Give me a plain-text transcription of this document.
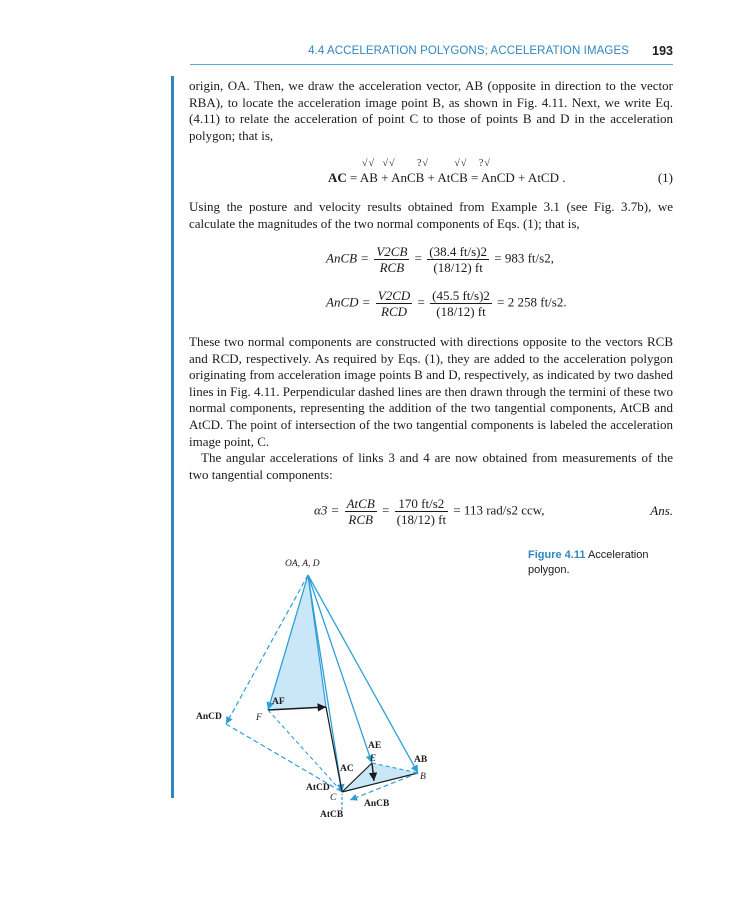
4.4 ACCELERATION POLYGONS; ACCELERATION IMAGES 193

origin, OA. Then, we draw the acceleration vector, AB (opposite in direction to the vector RBA), to locate the acceleration image point B, as shown in Fig. 4.11. Next, we write Eq. (4.11) to relate the acceleration of point C to those of points B and D in the acceleration polygon; that is,

√√ √√ ?√	√√ ?√
AC = AB + AnCB + AtCB = AnCD + AtCD .	(1)

Using the posture and velocity results obtained from Example 3.1 (see Fig. 3.7b), we calculate the magnitudes of the two normal components of Eqs. (1); that is,

AnCB = $\frac{V2CB}{\text{RCB}} = \frac{(38.4 ft/s)2}{(18/12) ft} = 983$ ft/s2,
AnCD = $\frac{V2CD}{\text{RCD}} = \frac{(45.5 ft/s)2}{(18/12) ft} = 2$ 258 ft/s2.

These two normal components are constructed with directions opposite to the vectors RCB and RCD, respectively. As required by Eqs. (1), they are added to the acceleration polygon originating from acceleration image points B and D, respectively, as indicated by two dashed lines in Fig. 4.11. Perpendicular dashed lines are then drawn through the termini of these two normal components, representing the addition of the two tangential components, AtCB and AtCD. The point of intersection of the two tangential components is labeled the acceleration image point, C.

The angular accelerations of links 3 and 4 are now obtained from measurements of the two tangential components:

$\alpha 3 = \frac{\text{AtCB}}{\text{RCB}} = \frac{170 ft/s2}{(18/12) ft} = 113$ rad/s2 ccw,	Ans.
Figure 4.11 Acceleration polygon.
OA, A, D
AF
F
AnCD
AE
E
AC
AB
B
AtCD
C
AnCB
AtCB
